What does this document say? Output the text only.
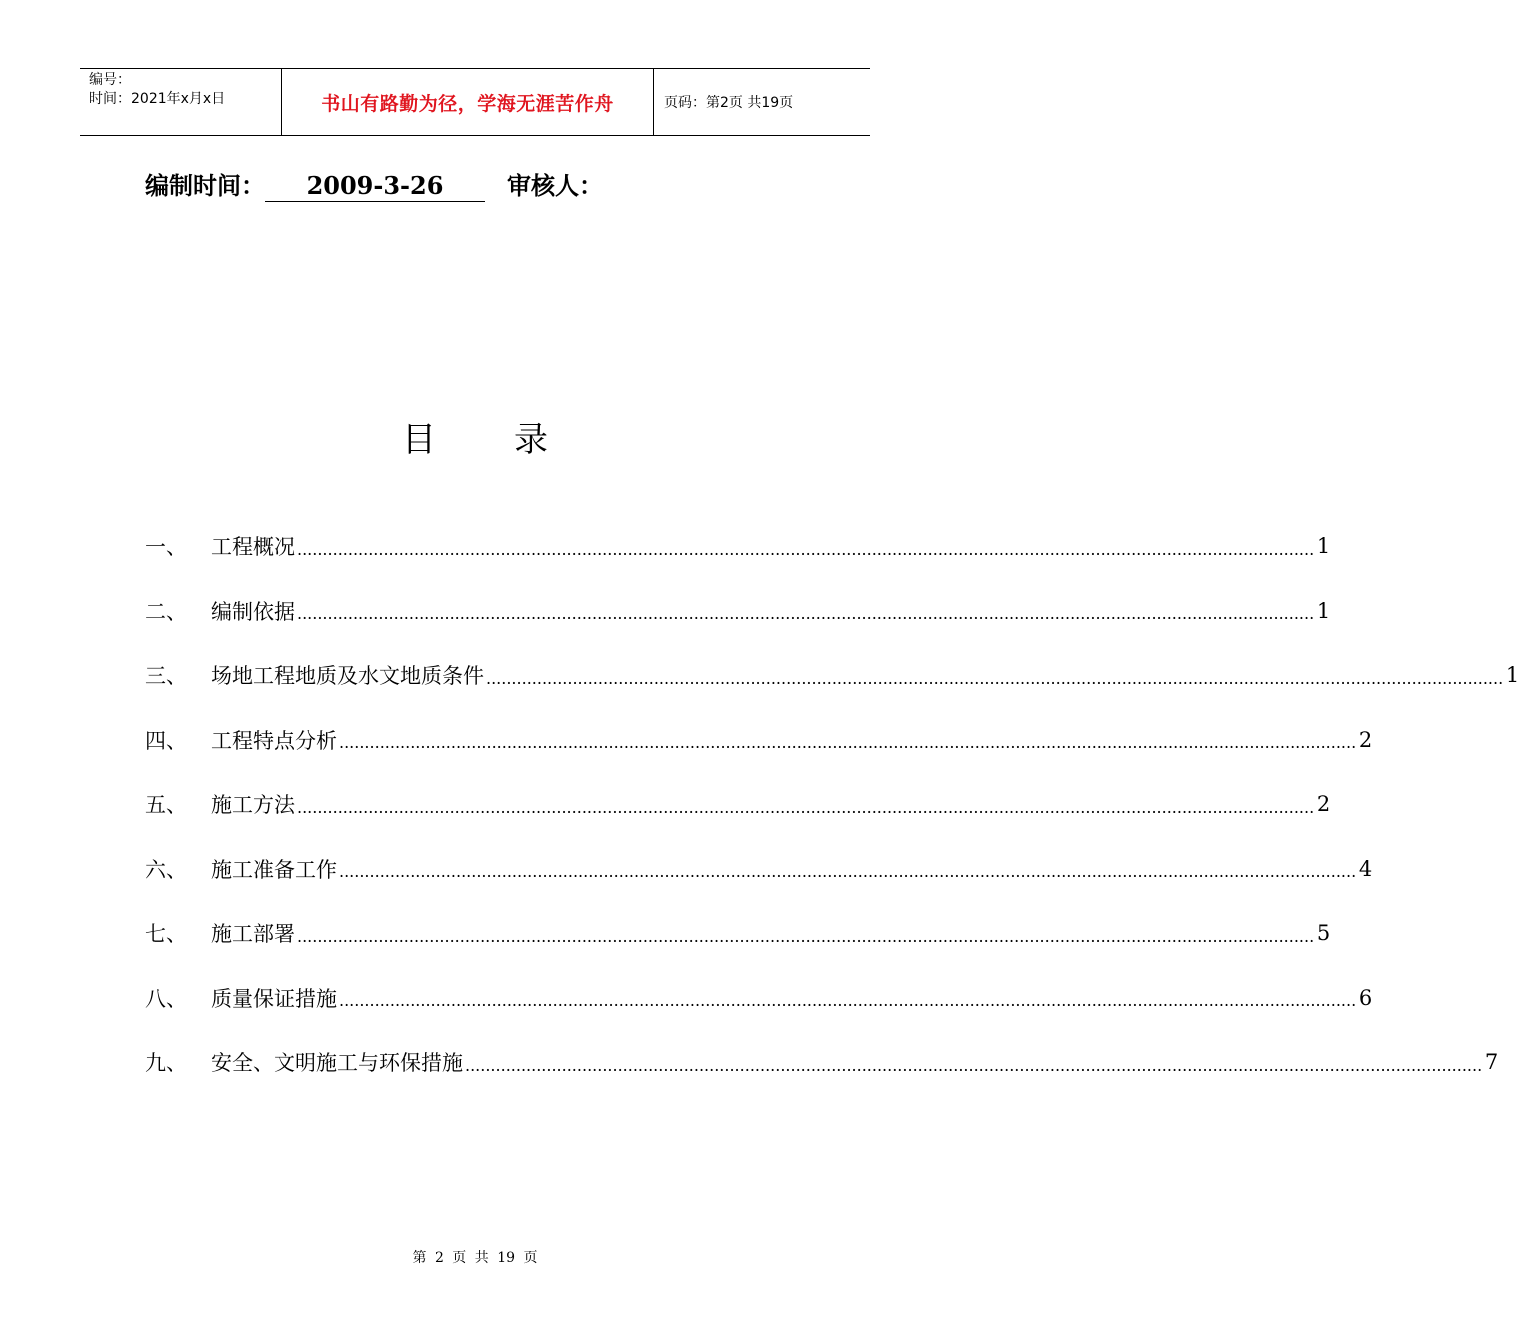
编号：
时间：2021年x月x日	书山有路勤为径，学海无涯苦作舟	页码：第2页 共19页
编制时间：	2009-3-26	审核人：
目录
一、	工程概况 ........................................................................................................................................................................................................ 1
二、	编制依据 ........................................................................................................................................................................................................ 1
三、	场地工程地质及水文地质条件 ........................................................................................................................................................................................................ 1
四、	工程特点分析 ........................................................................................................................................................................................................ 2
五、	施工方法 ........................................................................................................................................................................................................ 2
六、	施工准备工作 ........................................................................................................................................................................................................ 4
七、	施工部署 ........................................................................................................................................................................................................ 5
八、	质量保证措施 ........................................................................................................................................................................................................ 6
九、	安全、文明施工与环保措施 ........................................................................................................................................................................................................ 7
第 2 页 共 19 页
